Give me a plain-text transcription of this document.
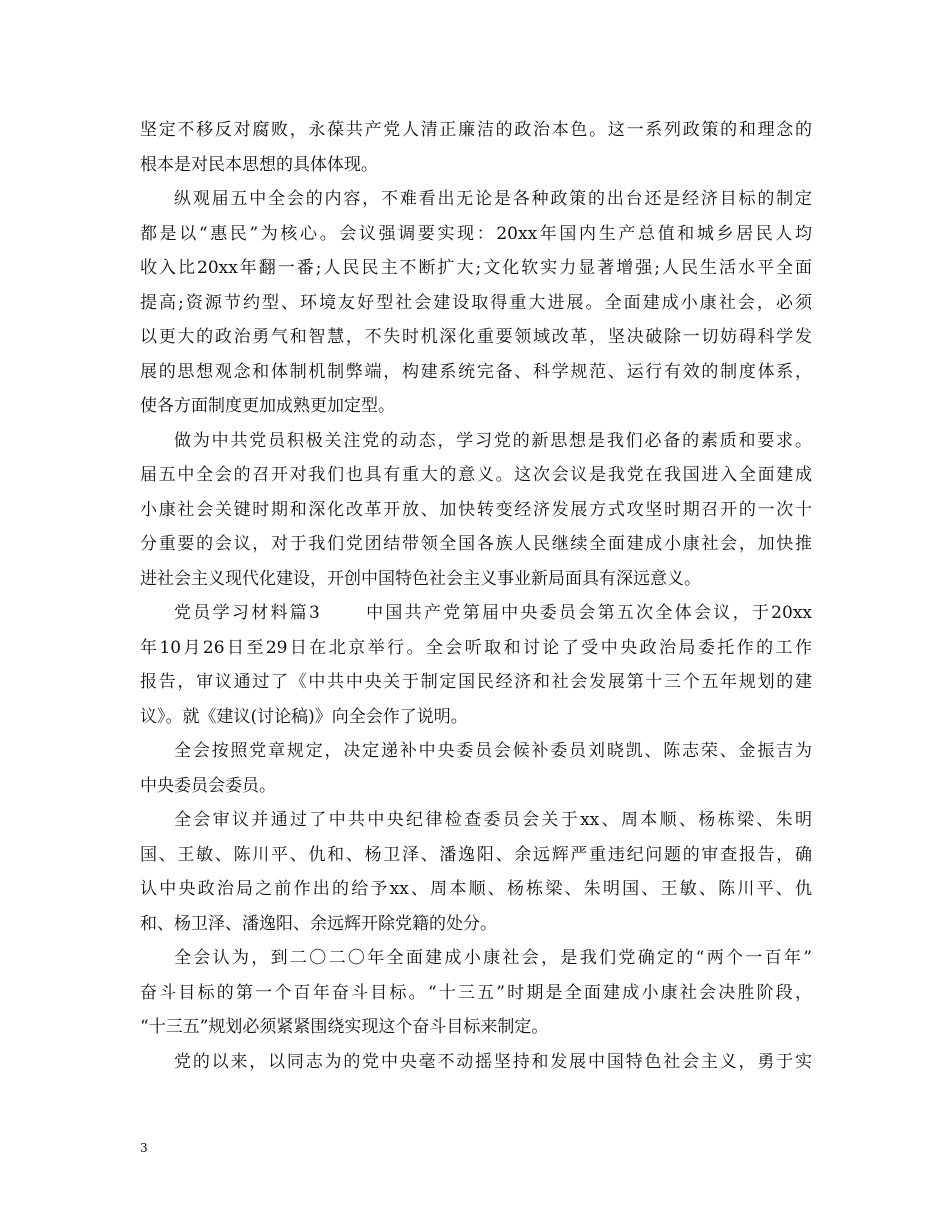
坚定不移反对腐败，永葆共产党人清正廉洁的政治本色。这一系列政策的和理念的
根本是对民本思想的具体体现。
纵观届五中全会的内容，不难看出无论是各种政策的出台还是经济目标的制定
都是以“惠民”为核心。会议强调要实现：20xx年国内生产总值和城乡居民人均
收入比20xx年翻一番;人民民主不断扩大;文化软实力显著增强;人民生活水平全面
提高;资源节约型、环境友好型社会建设取得重大进展。全面建成小康社会，必须
以更大的政治勇气和智慧，不失时机深化重要领域改革，坚决破除一切妨碍科学发
展的思想观念和体制机制弊端，构建系统完备、科学规范、运行有效的制度体系，
使各方面制度更加成熟更加定型。
做为中共党员积极关注党的动态，学习党的新思想是我们必备的素质和要求。
届五中全会的召开对我们也具有重大的意义。这次会议是我党在我国进入全面建成
小康社会关键时期和深化改革开放、加快转变经济发展方式攻坚时期召开的一次十
分重要的会议，对于我们党团结带领全国各族人民继续全面建成小康社会，加快推
进社会主义现代化建设，开创中国特色社会主义事业新局面具有深远意义。
党员学习材料篇3	中国共产党第届中央委员会第五次全体会议，于20xx
年10月26日至29日在北京举行。全会听取和讨论了受中央政治局委托作的工作
报告，审议通过了《中共中央关于制定国民经济和社会发展第十三个五年规划的建
议》。就《建议(讨论稿)》向全会作了说明。
全会按照党章规定，决定递补中央委员会候补委员刘晓凯、陈志荣、金振吉为
中央委员会委员。
全会审议并通过了中共中央纪律检查委员会关于xx、周本顺、杨栋梁、朱明
国、王敏、陈川平、仇和、杨卫泽、潘逸阳、余远辉严重违纪问题的审查报告，确
认中央政治局之前作出的给予xx、周本顺、杨栋梁、朱明国、王敏、陈川平、仇
和、杨卫泽、潘逸阳、余远辉开除党籍的处分。
全会认为，到二〇二〇年全面建成小康社会，是我们党确定的“两个一百年”
奋斗目标的第一个百年奋斗目标。“十三五”时期是全面建成小康社会决胜阶段，
“十三五”规划必须紧紧围绕实现这个奋斗目标来制定。
党的以来，以同志为的党中央毫不动摇坚持和发展中国特色社会主义，勇于实
3
